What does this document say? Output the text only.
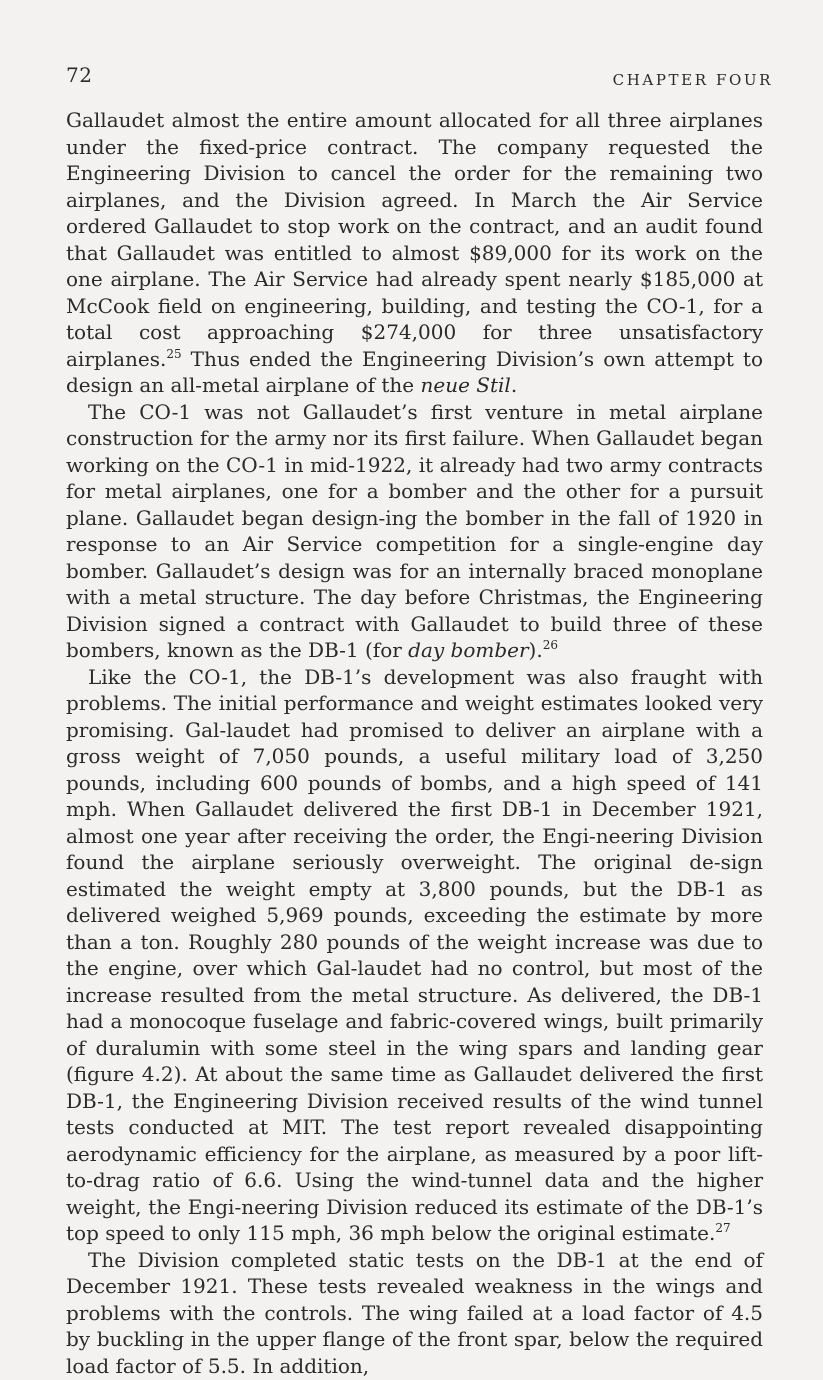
72	CHAPTER FOUR

Gallaudet almost the entire amount allocated for all three airplanes under the fixed-price contract. The company requested the Engineering Division to cancel the order for the remaining two airplanes, and the Division agreed. In March the Air Service ordered Gallaudet to stop work on the contract, and an audit found that Gallaudet was entitled to almost $89,000 for its work on the one airplane. The Air Service had already spent nearly $185,000 at McCook field on engineering, building, and testing the CO-1, for a total cost approaching $274,000 for three unsatisfactory airplanes.$^{25}$ Thus ended the Engineering Division’s own attempt to design an all-metal airplane of the neue Stil.

The CO-1 was not Gallaudet’s first venture in metal airplane construction for the army nor its first failure. When Gallaudet began working on the CO-1 in mid-1922, it already had two army contracts for metal airplanes, one for a bomber and the other for a pursuit plane. Gallaudet began design-ing the bomber in the fall of 1920 in response to an Air Service competition for a single-engine day bomber. Gallaudet’s design was for an internally braced monoplane with a metal structure. The day before Christmas, the Engineering Division signed a contract with Gallaudet to build three of these bombers, known as the DB-1 (for day bomber).$^{26}$

Like the CO-1, the DB-1’s development was also fraught with problems. The initial performance and weight estimates looked very promising. Gal-laudet had promised to deliver an airplane with a gross weight of 7,050 pounds, a useful military load of 3,250 pounds, including 600 pounds of bombs, and a high speed of 141 mph. When Gallaudet delivered the first DB-1 in December 1921, almost one year after receiving the order, the Engi-neering Division found the airplane seriously overweight. The original de-sign estimated the weight empty at 3,800 pounds, but the DB-1 as delivered weighed 5,969 pounds, exceeding the estimate by more than a ton. Roughly 280 pounds of the weight increase was due to the engine, over which Gal-laudet had no control, but most of the increase resulted from the metal structure. As delivered, the DB-1 had a monocoque fuselage and fabric-covered wings, built primarily of duralumin with some steel in the wing spars and landing gear (figure 4.2). At about the same time as Gallaudet delivered the first DB-1, the Engineering Division received results of the wind tunnel tests conducted at MIT. The test report revealed disappointing aerodynamic efficiency for the airplane, as measured by a poor lift-to-drag ratio of 6.6. Using the wind-tunnel data and the higher weight, the Engi-neering Division reduced its estimate of the DB-1’s top speed to only 115 mph, 36 mph below the original estimate.$^{27}$

The Division completed static tests on the DB-1 at the end of December 1921. These tests revealed weakness in the wings and problems with the controls. The wing failed at a load factor of 4.5 by buckling in the upper flange of the front spar, below the required load factor of 5.5. In addition,
